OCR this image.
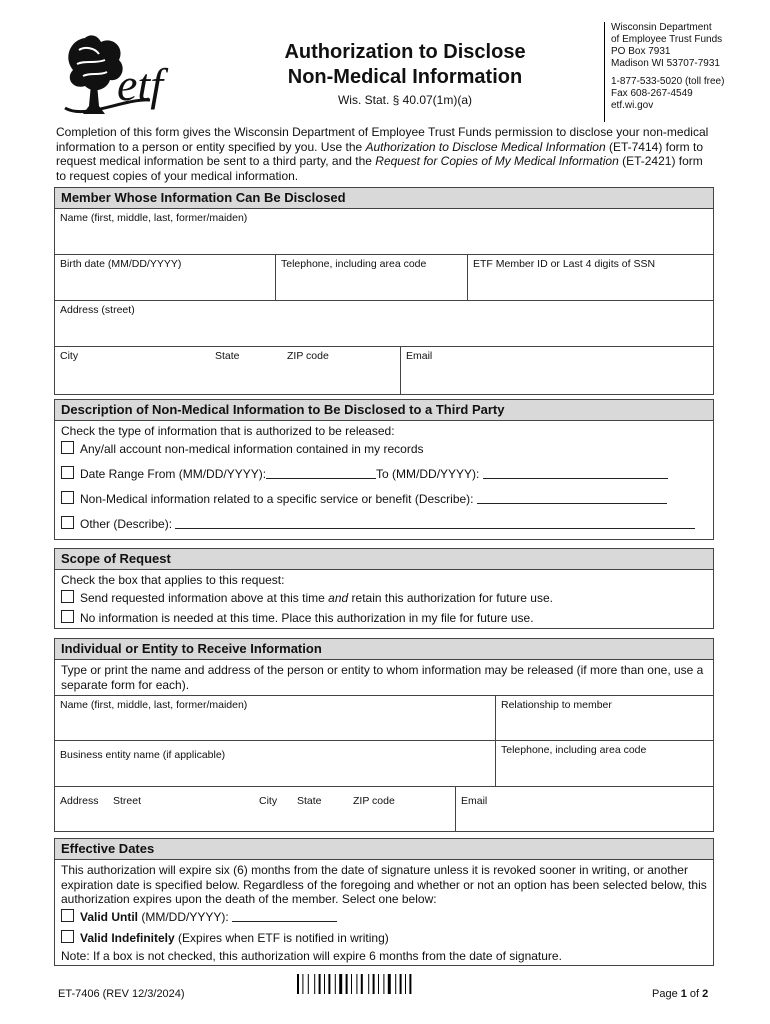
etf
Authorization to Disclose
Non-Medical Information
Wis. Stat. § 40.07(1m)(a)
Wisconsin Department
of Employee Trust Funds
PO Box 7931
Madison WI 53707-7931
1-877-533-5020 (toll free)
Fax 608-267-4549
etf.wi.gov
Completion of this form gives the Wisconsin Department of Employee Trust Funds permission to disclose your non-medical information to a person or entity specified by you. Use the Authorization to Disclose Medical Information (ET-7414) form to request medical information be sent to a third party, and the Request for Copies of My Medical Information (ET-2421) form to request copies of your medical information.
Member Whose Information Can Be Disclosed
Name (first, middle, last, former/maiden)
Birth date (MM/DD/YYYY)	Telephone, including area code	ETF Member ID or Last 4 digits of SSN
Address (street)
City	State	ZIP code	Email
Description of Non-Medical Information to Be Disclosed to a Third Party
Check the type of information that is authorized to be released:
Any/all account non-medical information contained in my records
Date Range From (MM/DD/YYYY):	To (MM/DD/YYYY):
Non-Medical information related to a specific service or benefit (Describe):
Other (Describe):
Scope of Request
Check the box that applies to this request:
Send requested information above at this time and retain this authorization for future use.
No information is needed at this time. Place this authorization in my file for future use.
Individual or Entity to Receive Information
Type or print the name and address of the person or entity to whom information may be released (if more than one, use a separate form for each).
Name (first, middle, last, former/maiden)	Relationship to member
Business entity name (if applicable)	Telephone, including area code
Address Street	City State	ZIP code	Email
Effective Dates
This authorization will expire six (6) months from the date of signature unless it is revoked sooner in writing, or another expiration date is specified below. Regardless of the foregoing and whether or not an option has been selected below, this authorization expires upon the death of the member. Select one below:
Valid Until (MM/DD/YYYY):
Valid Indefinitely (Expires when ETF is notified in writing)
Note: If a box is not checked, this authorization will expire 6 months from the date of signature.
ET-7406 (REV 12/3/2024)	Page 1 of 2
